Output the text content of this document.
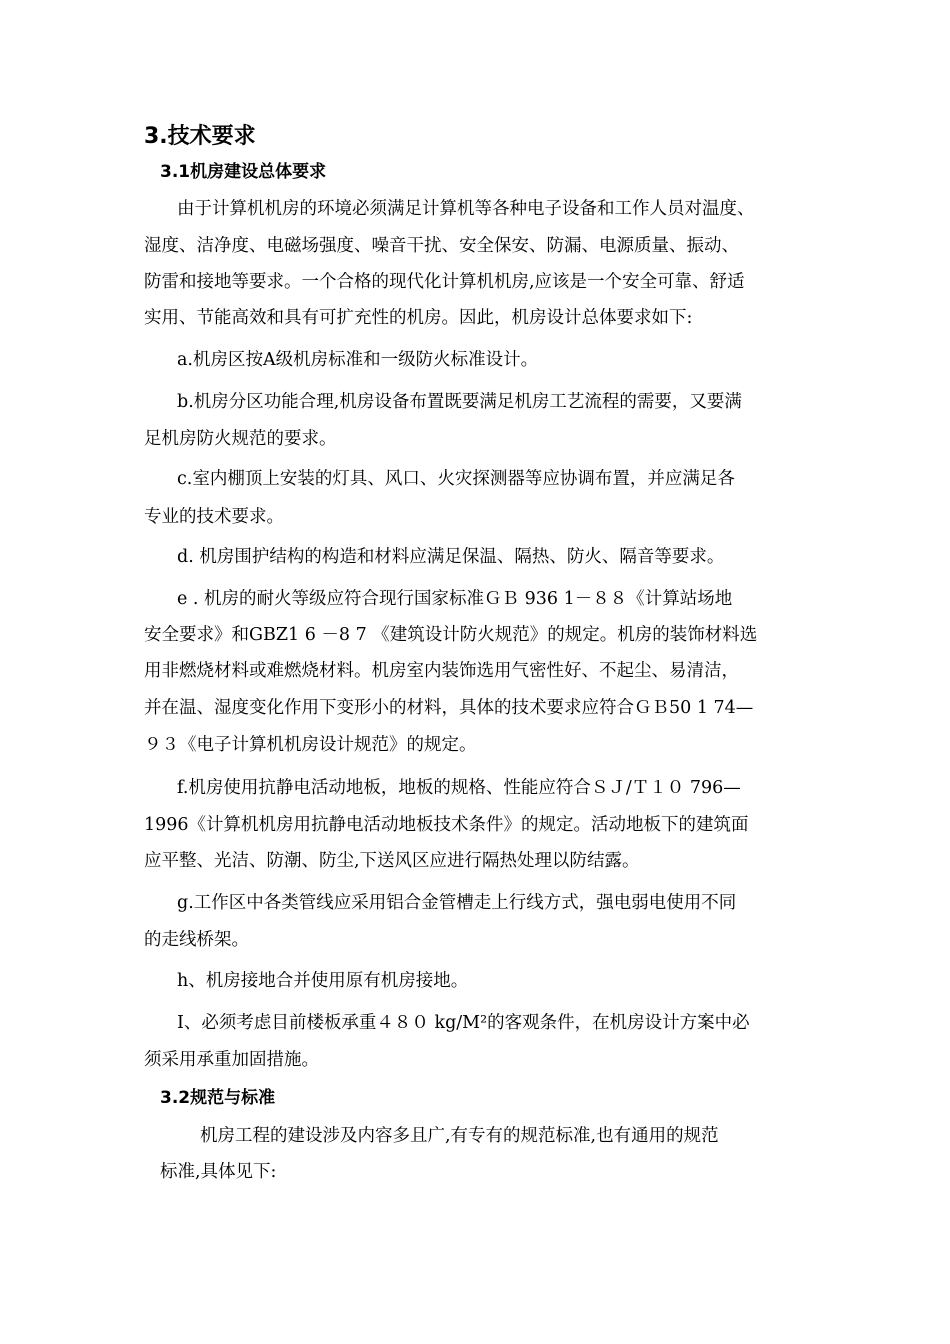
3.技术要求
3.1机房建设总体要求
由于计算机机房的环境必须满足计算机等各种电子设备和工作人员对温度、
湿度、洁净度、电磁场强度、噪音干扰、安全保安、防漏、电源质量、振动、
防雷和接地等要求。一个合格的现代化计算机机房,应该是一个安全可靠、舒适
实用、节能高效和具有可扩充性的机房。因此，机房设计总体要求如下:
a.机房区按A级机房标准和一级防火标准设计。
b.机房分区功能合理,机房设备布置既要满足机房工艺流程的需要，又要满
足机房防火规范的要求。
c.室内棚顶上安装的灯具、风口、火灾探测器等应协调布置，并应满足各
专业的技术要求。
d. 机房围护结构的构造和材料应满足保温、隔热、防火、隔音等要求。
e . 机房的耐火等级应符合现行国家标准ＧＢ 936 1－８８《计算站场地
安全要求》和GBZ1 6 －8 7 《建筑设计防火规范》的规定。机房的装饰材料选
用非燃烧材料或难燃烧材料。机房室内装饰选用气密性好、不起尘、易清洁，
并在温、湿度变化作用下变形小的材料，具体的技术要求应符合ＧＢ50 1 74—
９３《电子计算机机房设计规范》的规定。
f.机房使用抗静电活动地板，地板的规格、性能应符合ＳＪ/Ｔ１０ 796—
1996《计算机机房用抗静电活动地板技术条件》的规定。活动地板下的建筑面
应平整、光洁、防潮、防尘,下送风区应进行隔热处理以防结露。
g.工作区中各类管线应采用铝合金管槽走上行线方式，强电弱电使用不同
的走线桥架。
h、机房接地合并使用原有机房接地。
I、必须考虑目前楼板承重４８０ kg/M²的客观条件，在机房设计方案中必
须采用承重加固措施。
3.2规范与标准
机房工程的建设涉及内容多且广,有专有的规范标准,也有通用的规范
标准,具体见下:
